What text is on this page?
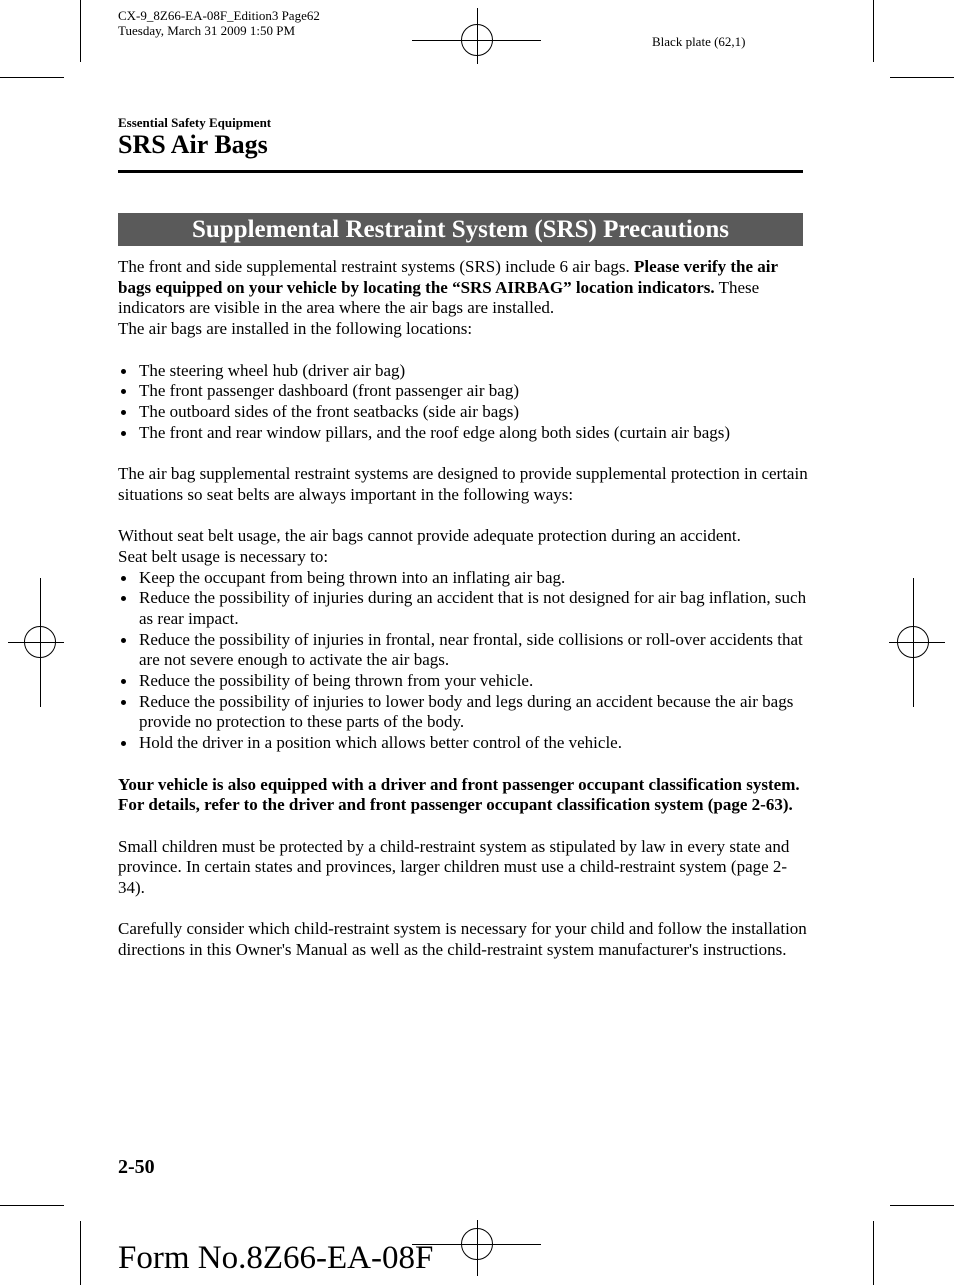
CX-9_8Z66-EA-08F_Edition3 Page62
Tuesday, March 31 2009 1:50 PM
Black plate (62,1)
Essential Safety Equipment
SRS Air Bags
Supplemental Restraint System (SRS) Precautions

The front and side supplemental restraint systems (SRS) include 6 air bags. Please verify the air bags equipped on your vehicle by locating the “SRS AIRBAG” location indicators. These indicators are visible in the area where the air bags are installed.

The air bags are installed in the following locations:

The steering wheel hub (driver air bag)
The front passenger dashboard (front passenger air bag)
The outboard sides of the front seatbacks (side air bags)
The front and rear window pillars, and the roof edge along both sides (curtain air bags)

The air bag supplemental restraint systems are designed to provide supplemental protection in certain situations so seat belts are always important in the following ways:

Without seat belt usage, the air bags cannot provide adequate protection during an accident.

Seat belt usage is necessary to:

Keep the occupant from being thrown into an inflating air bag.
Reduce the possibility of injuries during an accident that is not designed for air bag inflation, such as rear impact.
Reduce the possibility of injuries in frontal, near frontal, side collisions or roll-over accidents that are not severe enough to activate the air bags.
Reduce the possibility of being thrown from your vehicle.
Reduce the possibility of injuries to lower body and legs during an accident because the air bags provide no protection to these parts of the body.
Hold the driver in a position which allows better control of the vehicle.

Your vehicle is also equipped with a driver and front passenger occupant classification system. For details, refer to the driver and front passenger occupant classification system (page 2-63).

Small children must be protected by a child-restraint system as stipulated by law in every state and province. In certain states and provinces, larger children must use a child-restraint system (page 2-34).

Carefully consider which child-restraint system is necessary for your child and follow the installation directions in this Owner's Manual as well as the child-restraint system manufacturer's instructions.

2-50
Form No.8Z66-EA-08F
